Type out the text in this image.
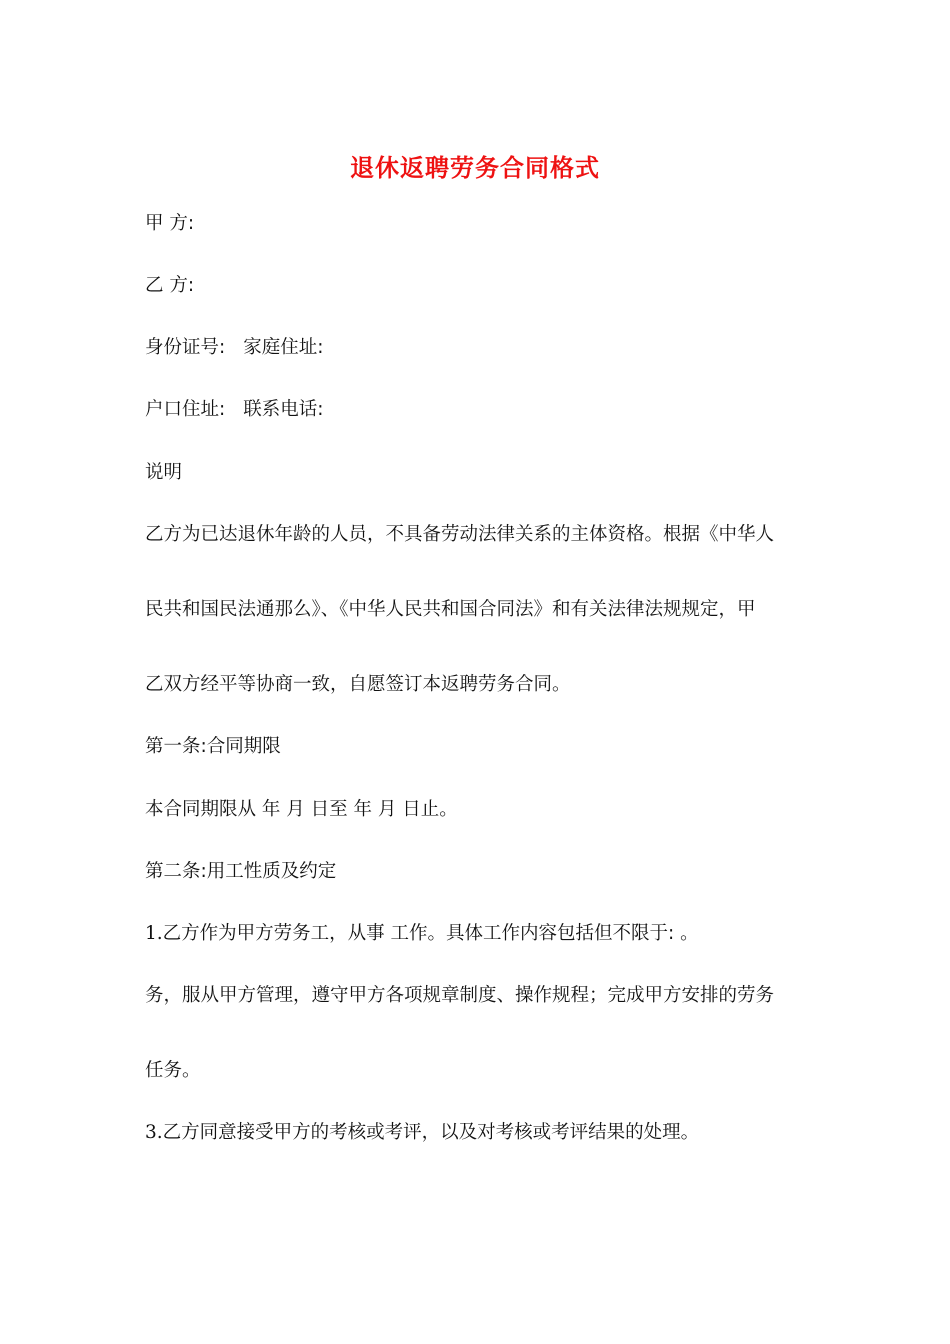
退休返聘劳务合同格式
甲 方:
乙 方:
身份证号: 家庭住址:
户口住址: 联系电话:
说明
乙方为已达退休年龄的人员，不具备劳动法律关系的主体资格。根据《中华人
民共和国民法通那么》、《中华人民共和国合同法》和有关法律法规规定，甲
乙双方经平等协商一致，自愿签订本返聘劳务合同。
第一条:合同期限
本合同期限从 年 月 日至 年 月 日止。
第二条:用工性质及约定
1.乙方作为甲方劳务工，从事 工作。具体工作内容包括但不限于: 。
务，服从甲方管理，遵守甲方各项规章制度、操作规程；完成甲方安排的劳务
任务。
3.乙方同意接受甲方的考核或考评，以及对考核或考评结果的处理。
